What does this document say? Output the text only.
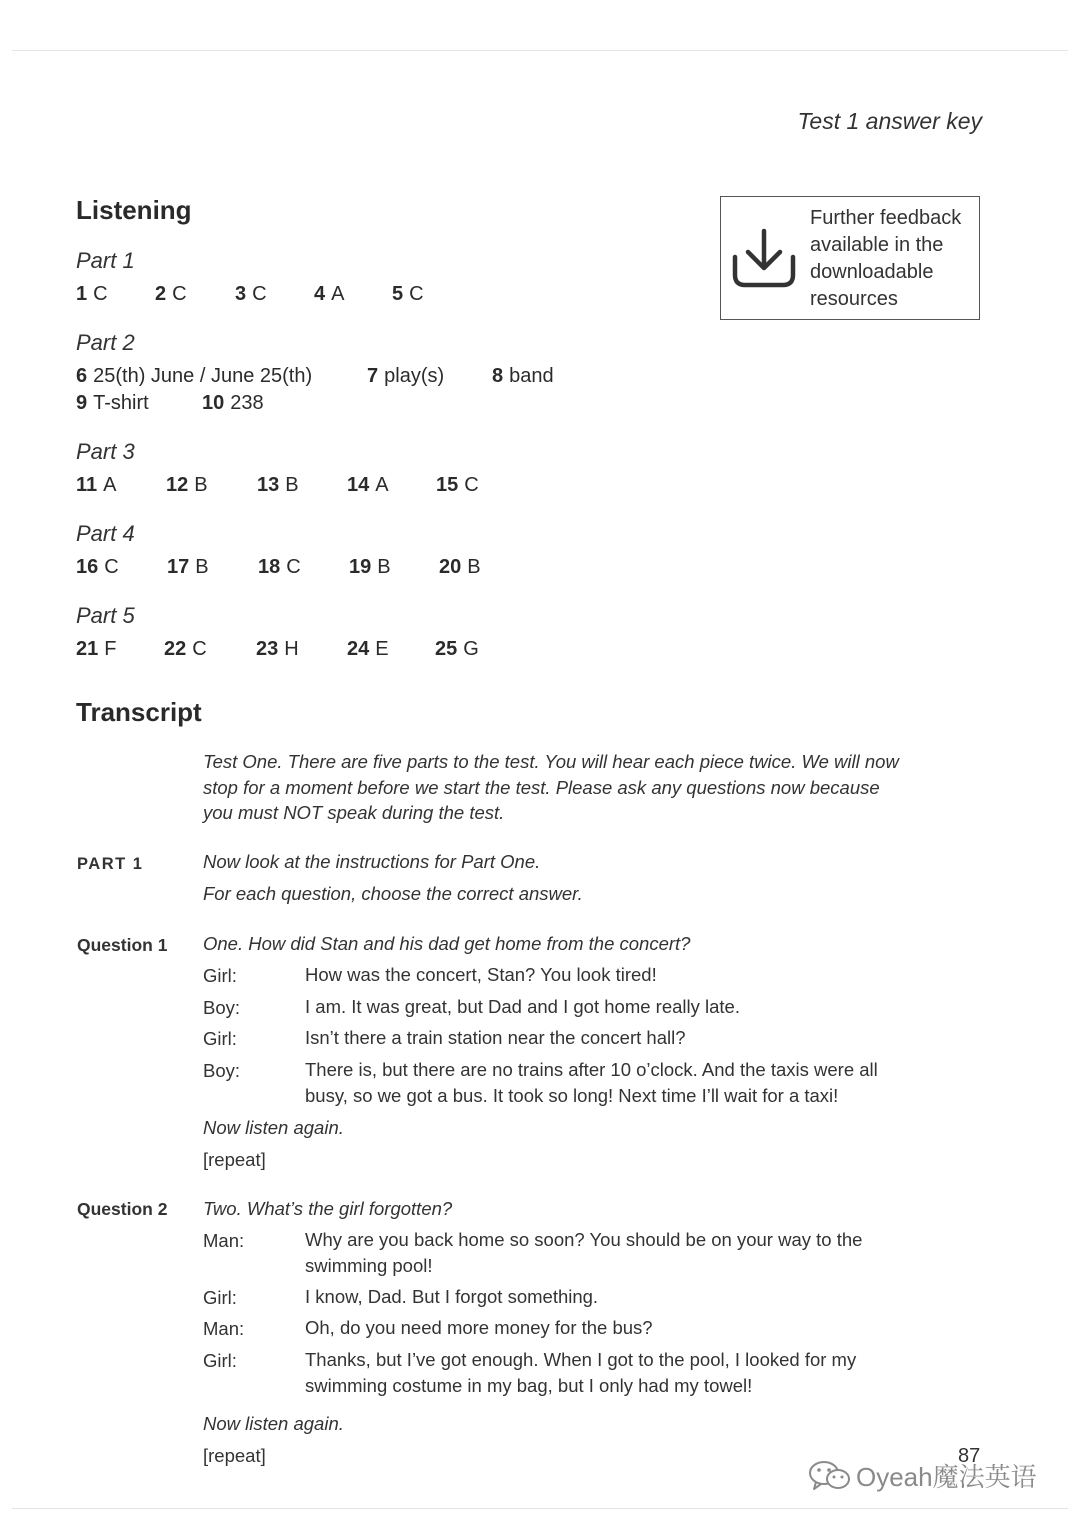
Test 1 answer key
Listening
Part 1
1 C 2 C 3 C 4 A 5 C
Part 2
6 25(th) June / June 25(th)	7 play(s) 8 band
9 T-shirt	10 238
Part 3
11 A 12 B 13 B 14 A 15 C
Part 4
16 C 17 B 18 C 19 B 20 B
Part 5
21 F 22 C 23 H 24 E 25 G
Further feedback
available in the
downloadable
resources
Transcript
Test One. There are five parts to the test. You will hear each piece twice. We will now stop for a moment before we start the test. Please ask any questions now because you must NOT speak during the test.
PART 1	Now look at the instructions for Part One.
For each question, choose the correct answer.
Question 1 One. How did Stan and his dad get home from the concert?
Girl:	How was the concert, Stan? You look tired!
Boy:	I am. It was great, but Dad and I got home really late.
Girl:	Isn’t there a train station near the concert hall?
Boy:	There is, but there are no trains after 10 o’clock. And the taxis were all busy, so we got a bus. It took so long! Next time I’ll wait for a taxi!
Now listen again.
[repeat]
Question 2 Two. What’s the girl forgotten?
Man:	Why are you back home so soon? You should be on your way to the swimming pool!
Girl:	I know, Dad. But I forgot something.
Man:	Oh, do you need more money for the bus?
Girl:	Thanks, but I’ve got enough. When I got to the pool, I looked for my swimming costume in my bag, but I only had my towel!
Now listen again.
[repeat]	87
Oyeah魔法英语
